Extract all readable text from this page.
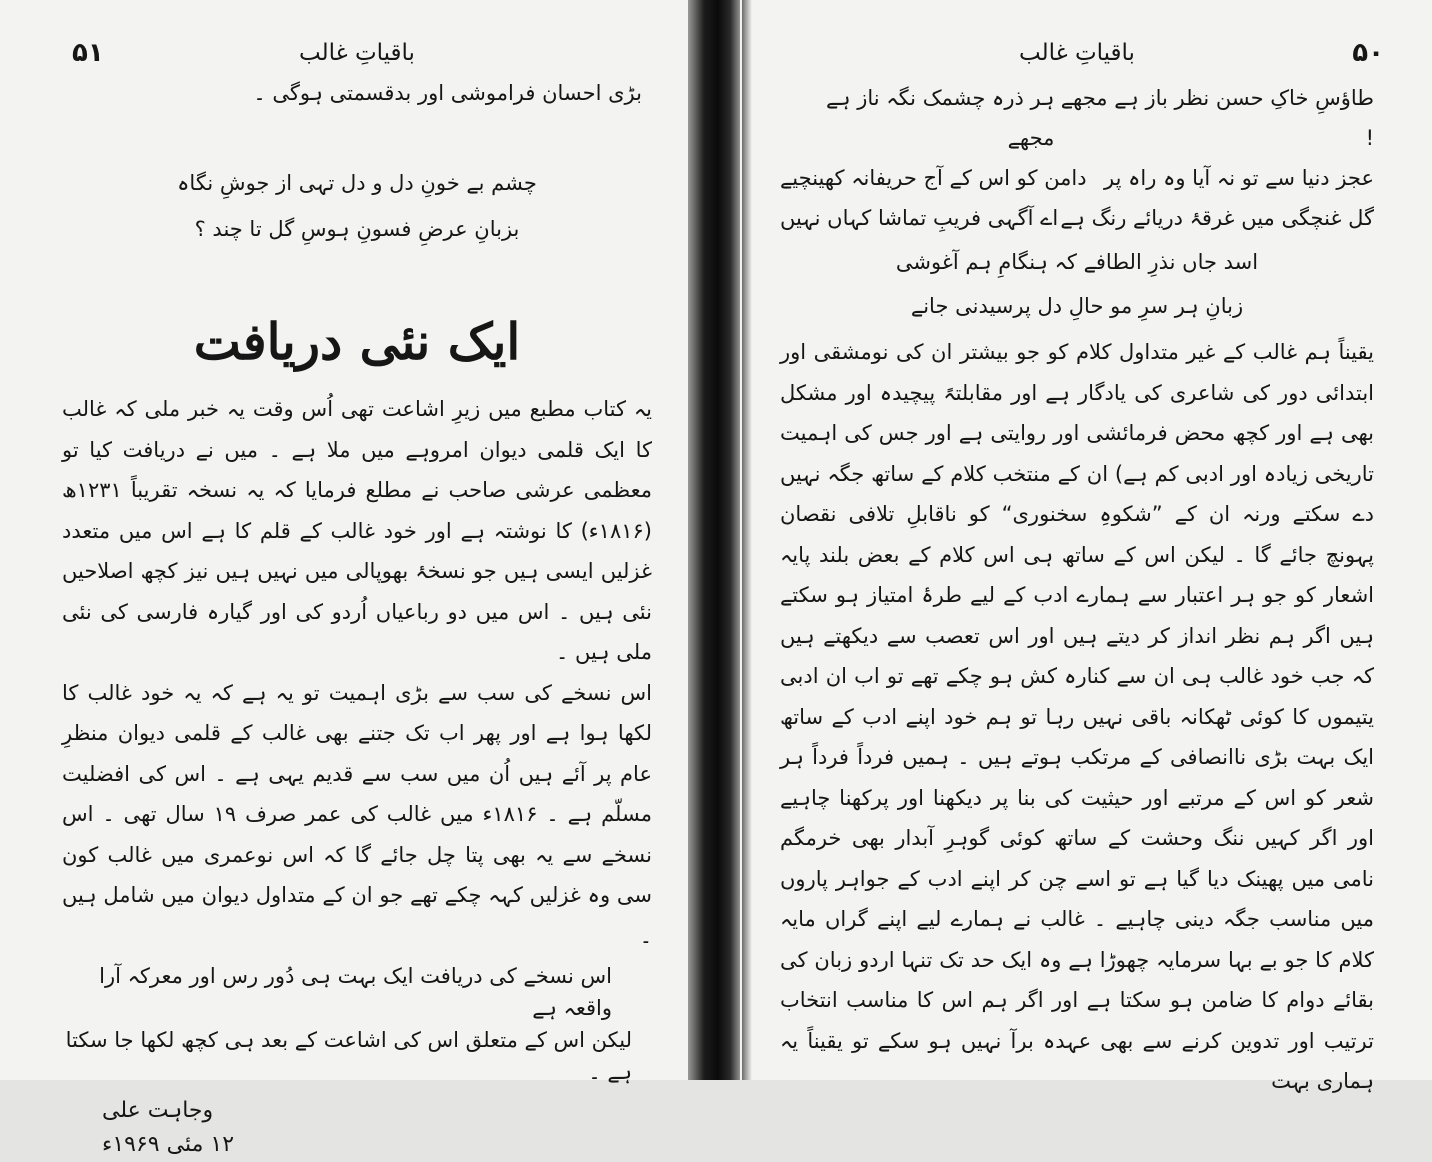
۵۱	باقیاتِ غالب
بڑی احسان فراموشی اور بدقسمتی ہوگی ۔
چشم بے خونِ دل و دل تہی از جوشِ نگاہ
بزبانِ عرضِ فسونِ ہوسِ گل تا چند ؟
ایک نئی دریافت

یہ کتاب مطبع میں زیرِ اشاعت تھی اُس وقت یہ خبر ملی کہ غالب کا ایک قلمی دیوان امروہے میں ملا ہے ۔ میں نے دریافت کیا تو معظمی عرشی صاحب نے مطلع فرمایا کہ یہ نسخہ تقریباً ۱۲۳۱ھ (۱۸۱۶ء) کا نوشتہ ہے اور خود غالب کے قلم کا ہے اس میں متعدد غزلیں ایسی ہیں جو نسخۂ بھوپالی میں نہیں ہیں نیز کچھ اصلاحیں نئی ہیں ۔ اس میں دو رباعیاں اُردو کی اور گیارہ فارسی کی نئی ملی ہیں ۔

اس نسخے کی سب سے بڑی اہمیت تو یہ ہے کہ یہ خود غالب کا لکھا ہوا ہے اور پھر اب تک جتنے بھی غالب کے قلمی دیوان منظرِ عام پر آئے ہیں اُن میں سب سے قدیم یہی ہے ۔ اس کی افضلیت مسلّم ہے ۔ ۱۸۱۶ء میں غالب کی عمر صرف ۱۹ سال تھی ۔ اس نسخے سے یہ بھی پتا چل جائے گا کہ اس نوعمری میں غالب کون سی وہ غزلیں کہہ چکے تھے جو ان کے متداول دیوان میں شامل ہیں ۔

اس نسخے کی دریافت ایک بہت ہی دُور رس اور معرکہ آرا واقعہ ہے
لیکن اس کے متعلق اس کی اشاعت کے بعد ہی کچھ لکھا جا سکتا ہے ۔
وجاہت علی
۱۲ مئی ۱۹۶۹ء
۵۰
باقیاتِ غالب
طاؤسِ خاکِ حسن نظر باز ہے مجھے !
ہر ذرہ چشمک نگہ ناز ہے مجھے
عجز دنیا سے تو نہ آیا وہ راہ پر
دامن کو اس کے آج حریفانہ کھینچیے
گل غنچگی میں غرقۂ دریائے رنگ ہے
اے آگہی فریبِ تماشا کہاں نہیں
اسد جاں نذرِ الطافے کہ ہنگامِ ہم آغوشی
زبانِ ہر سرِ مو حالِ دل پرسیدنی جانے

یقیناً ہم غالب کے غیر متداول کلام کو جو بیشتر ان کی نومشقی اور ابتدائی دور کی شاعری کی یادگار ہے اور مقابلتہً پیچیدہ اور مشکل بھی ہے اور کچھ محض فرمائشی اور روایتی ہے اور جس کی اہمیت تاریخی زیادہ اور ادبی کم ہے) ان کے منتخب کلام کے ساتھ جگہ نہیں دے سکتے ورنہ ان کے ”شکوہِ سخنوری“ کو ناقابلِ تلافی نقصان پہونچ جائے گا ۔ لیکن اس کے ساتھ ہی اس کلام کے بعض بلند پایہ اشعار کو جو ہر اعتبار سے ہمارے ادب کے لیے طرۂ امتیاز ہو سکتے ہیں اگر ہم نظر انداز کر دیتے ہیں اور اس تعصب سے دیکھتے ہیں کہ جب خود غالب ہی ان سے کنارہ کش ہو چکے تھے تو اب ان ادبی یتیموں کا کوئی ٹھکانہ باقی نہیں رہا تو ہم خود اپنے ادب کے ساتھ ایک بہت بڑی ناانصافی کے مرتکب ہوتے ہیں ۔ ہمیں فرداً فرداً ہر شعر کو اس کے مرتبے اور حیثیت کی بنا پر دیکھنا اور پرکھنا چاہیے اور اگر کہیں ننگ وحشت کے ساتھ کوئی گوہرِ آبدار بھی خرمگم نامی میں پھینک دیا گیا ہے تو اسے چن کر اپنے ادب کے جواہر پاروں میں مناسب جگہ دینی چاہیے ۔ غالب نے ہمارے لیے اپنے گراں مایہ کلام کا جو بے بہا سرمایہ چھوڑا ہے وہ ایک حد تک تنہا اردو زبان کی بقائے دوام کا ضامن ہو سکتا ہے اور اگر ہم اس کا مناسب انتخاب ترتیب اور تدوین کرنے سے بھی عہدہ برآ نہیں ہو سکے تو یقیناً یہ ہماری بہت
